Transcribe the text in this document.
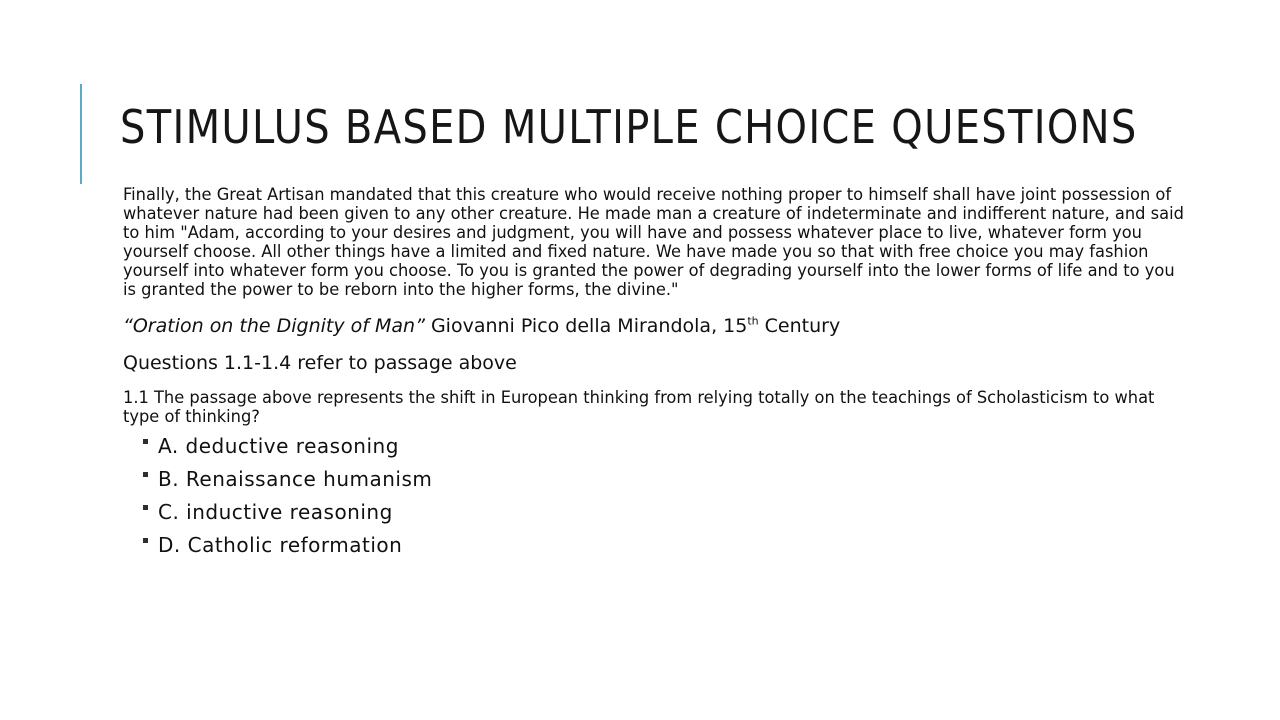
STIMULUS BASED MULTIPLE CHOICE QUESTIONS

Finally, the Great Artisan mandated that this creature who would receive nothing proper to himself shall have joint possession of whatever nature had been given to any other creature. He made man a creature of indeterminate and indifferent nature, and said to him "Adam, according to your desires and judgment, you will have and possess whatever place to live, whatever form you yourself choose. All other things have a limited and fixed nature. We have made you so that with free choice you may fashion yourself into whatever form you choose. To you is granted the power of degrading yourself into the lower forms of life and to you is granted the power to be reborn into the higher forms, the divine."

“Oration on the Dignity of Man” Giovanni Pico della Mirandola, 15th Century

Questions 1.1-1.4 refer to passage above

1.1 The passage above represents the shift in European thinking from relying totally on the teachings of Scholasticism to what type of thinking?

A. deductive reasoning
B. Renaissance humanism
C. inductive reasoning
D. Catholic reformation
